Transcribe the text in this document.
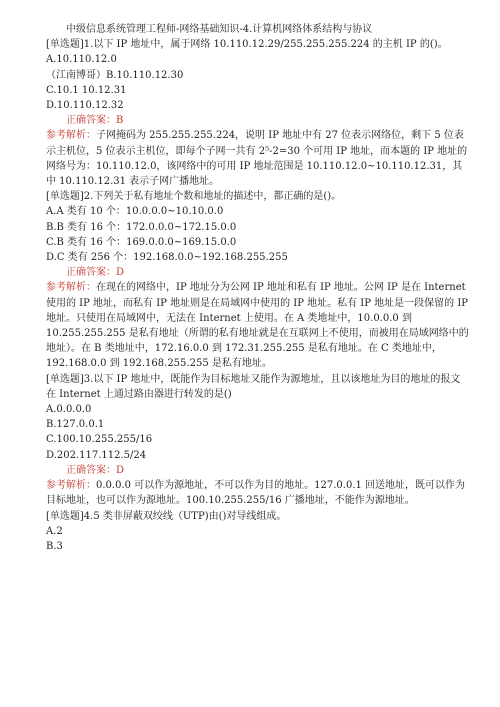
中级信息系统管理工程师-网络基础知识-4.计算机网络体系结构与协议
[单选题]1.以下 IP 地址中，属于网络 10.110.12.29/255.255.255.224 的主机 IP 的()。
A.10.110.12.0
（江南博哥）B.10.110.12.30
C.10.1 10.12.31
D.10.110.12.32
正确答案：B
参考解析：子网掩码为 255.255.255.224，说明 IP 地址中有 27 位表示网络位，剩下 5 位表示主机位，5 位表示主机位，即每个子网一共有 2⁵-2=30 个可用 IP 地址，而本题的 IP 地址的网络号为：10.110.12.0，该网络中的可用 IP 地址范围是 10.110.12.0~10.110.12.31，其中 10.110.12.31 表示子网广播地址。
[单选题]2.下列关于私有地址个数和地址的描述中，都正确的是()。
A.A 类有 10 个：10.0.0.0~10.10.0.0
B.B 类有 16 个：172.0.0.0~172.15.0.0
C.B 类有 16 个：169.0.0.0~169.15.0.0
D.C 类有 256 个：192.168.0.0~192.168.255.255
正确答案：D
参考解析：在现在的网络中，IP 地址分为公网 IP 地址和私有 IP 地址。公网 IP 是在 Internet 使用的 IP 地址，而私有 IP 地址则是在局域网中使用的 IP 地址。私有 IP 地址是一段保留的 IP 地址。只使用在局域网中，无法在 Internet 上使用。在 A 类地址中，10.0.0.0 到 10.255.255.255 是私有地址（所谓的私有地址就是在互联网上不使用，而被用在局域网络中的地址）。在 B 类地址中，172.16.0.0 到 172.31.255.255 是私有地址。在 C 类地址中，192.168.0.0 到 192.168.255.255 是私有地址。
[单选题]3.以下 IP 地址中，既能作为目标地址又能作为源地址，且以该地址为目的地址的报文在 Internet 上通过路由器进行转发的是()
A.0.0.0.0
B.127.0.0.1
C.100.10.255.255/16
D.202.117.112.5/24
正确答案：D
参考解析：0.0.0.0 可以作为源地址，不可以作为目的地址。127.0.0.1 回送地址，既可以作为目标地址，也可以作为源地址。100.10.255.255/16 广播地址，不能作为源地址。
[单选题]4.5 类非屏蔽双绞线（UTP)由()对导线组成。
A.2
B.3
